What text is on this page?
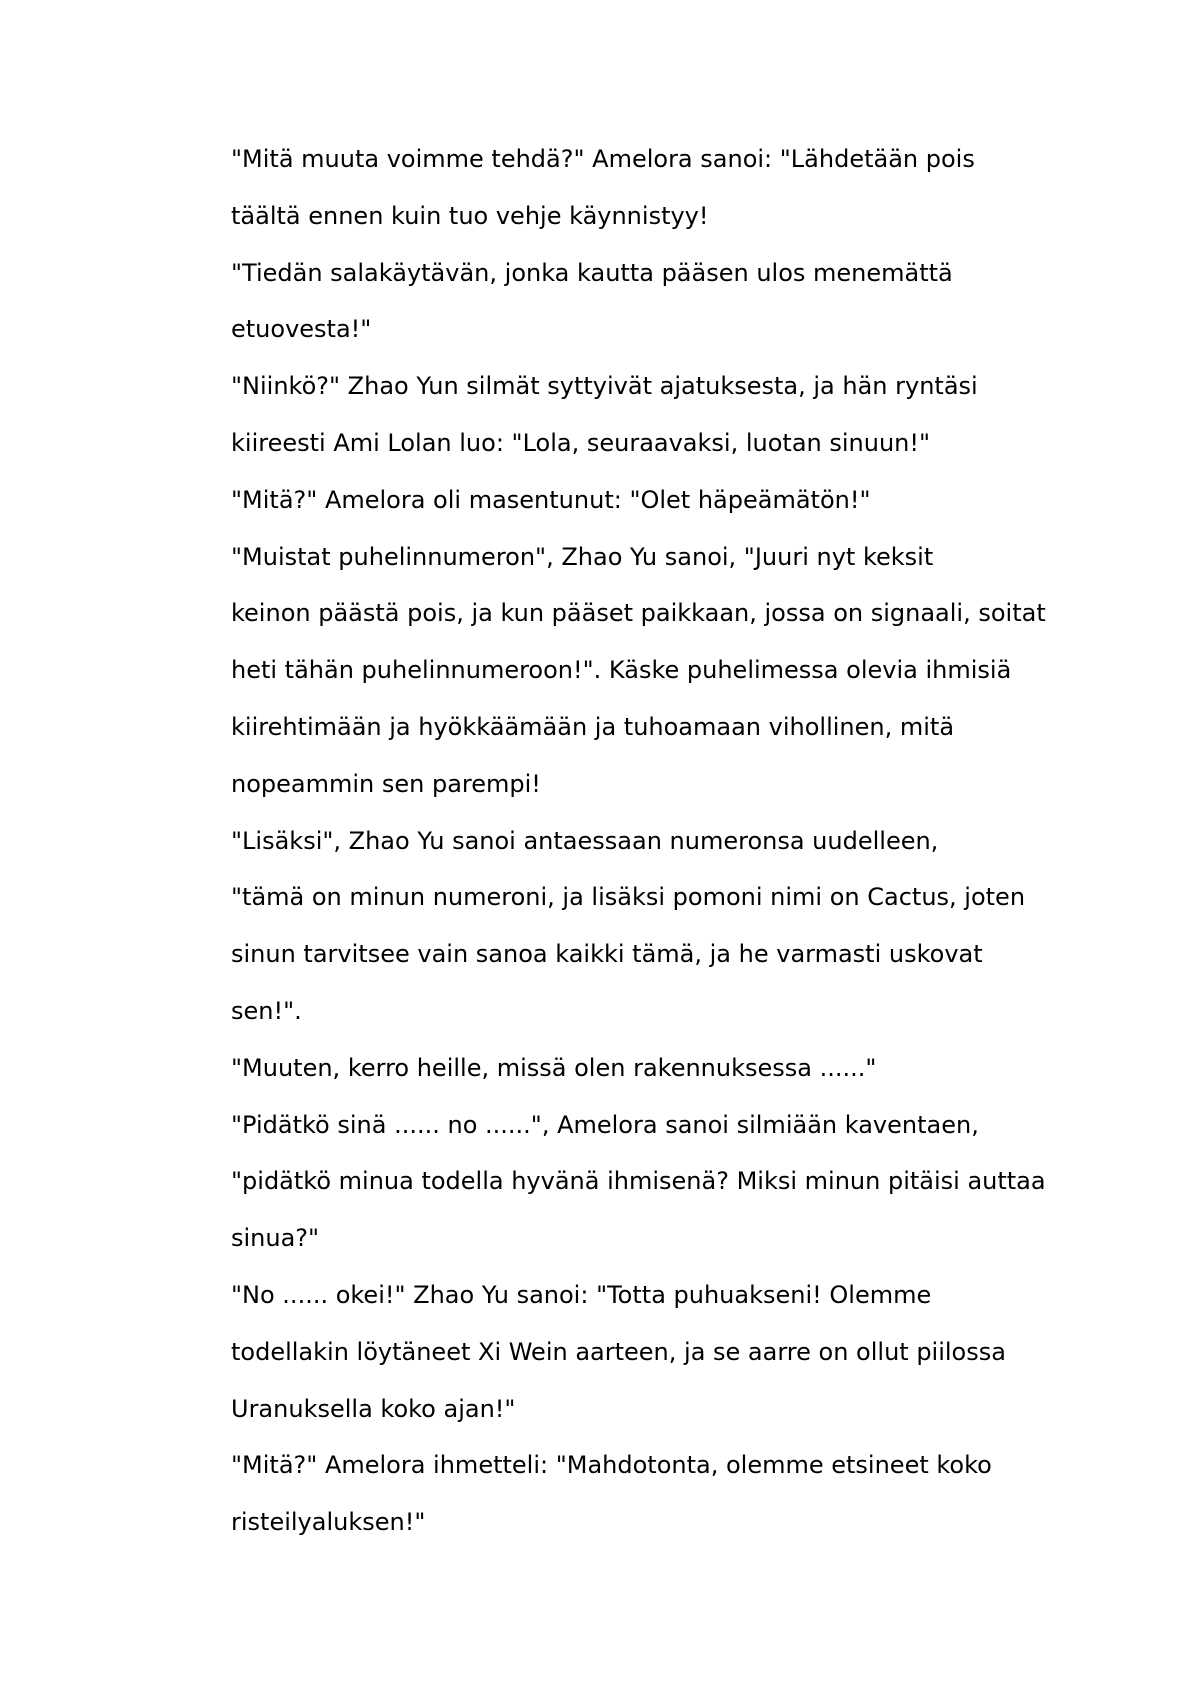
"Mitä muuta voimme tehdä?" Amelora sanoi: "Lähdetään pois
täältä ennen kuin tuo vehje käynnistyy!

"Tiedän salakäytävän, jonka kautta pääsen ulos menemättä
etuovesta!"

"Niinkö?" Zhao Yun silmät syttyivät ajatuksesta, ja hän ryntäsi
kiireesti Ami Lolan luo: "Lola, seuraavaksi, luotan sinuun!"

"Mitä?" Amelora oli masentunut: "Olet häpeämätön!"

"Muistat puhelinnumeron", Zhao Yu sanoi, "Juuri nyt keksit
keinon päästä pois, ja kun pääset paikkaan, jossa on signaali, soitat
heti tähän puhelinnumeroon!". Käske puhelimessa olevia ihmisiä
kiirehtimään ja hyökkäämään ja tuhoamaan vihollinen, mitä
nopeammin sen parempi!

"Lisäksi", Zhao Yu sanoi antaessaan numeronsa uudelleen,
"tämä on minun numeroni, ja lisäksi pomoni nimi on Cactus, joten
sinun tarvitsee vain sanoa kaikki tämä, ja he varmasti uskovat
sen!".

"Muuten, kerro heille, missä olen rakennuksessa ......"

"Pidätkö sinä ...... no ......", Amelora sanoi silmiään kaventaen,
"pidätkö minua todella hyvänä ihmisenä? Miksi minun pitäisi auttaa
sinua?"

"No ...... okei!" Zhao Yu sanoi: "Totta puhuakseni! Olemme
todellakin löytäneet Xi Wein aarteen, ja se aarre on ollut piilossa
Uranuksella koko ajan!"

"Mitä?" Amelora ihmetteli: "Mahdotonta, olemme etsineet koko
risteilyaluksen!"
